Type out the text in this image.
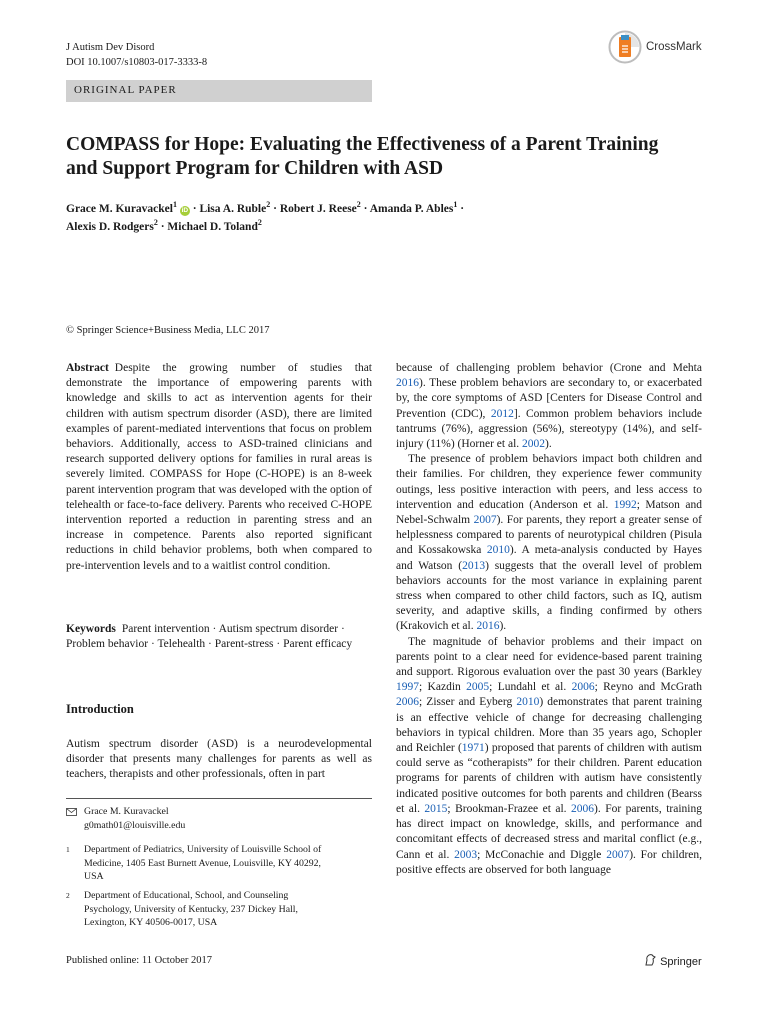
J Autism Dev Disord
DOI 10.1007/s10803-017-3333-8
CrossMark
ORIGINAL PAPER
COMPASS for Hope: Evaluating the Effectiveness of a Parent Training and Support Program for Children with ASD
Grace M. Kuravackel$^1$ iD · Lisa A. Ruble$^2$ · Robert J. Reese$^2$ · Amanda P. Ables$^1$ ·
Alexis D. Rodgers$^2$ · Michael D. Toland$^2$
© Springer Science+Business Media, LLC 2017

Abstract Despite the growing number of studies that demonstrate the importance of empowering parents with knowledge and skills to act as intervention agents for their children with autism spectrum disorder (ASD), there are limited examples of parent-mediated interventions that focus on problem behaviors. Additionally, access to ASD-trained clinicians and research supported delivery options for families in rural areas is severely limited. COMPASS for Hope (C-HOPE) is an 8-week parent intervention program that was developed with the option of telehealth or face-to-face delivery. Parents who received C-HOPE intervention reported a reduction in parenting stress and an increase in competence. Parents also reported significant reductions in child behavior problems, both when compared to pre-intervention levels and to a waitlist control condition.

Keywords Parent intervention · Autism spectrum disorder · Problem behavior · Telehealth · Parent-stress · Parent efficacy

Introduction
Autism spectrum disorder (ASD) is a neurodevelopmental disorder that presents many challenges for parents as well as teachers, therapists and other professionals, often in part
Grace M. Kuravackel
g0math01@louisville.edu
1 Department of Pediatrics, University of Louisville School of Medicine, 1405 East Burnett Avenue, Louisville, KY 40292, USA
2 Department of Educational, School, and Counseling Psychology, University of Kentucky, 237 Dickey Hall, Lexington, KY 40506-0017, USA

because of challenging problem behavior (Crone and Mehta 2016). These problem behaviors are secondary to, or exacerbated by, the core symptoms of ASD [Centers for Disease Control and Prevention (CDC), 2012]. Common problem behaviors include tantrums (76%), aggression (56%), stereotypy (14%), and self-injury (11%) (Horner et al. 2002).

The presence of problem behaviors impact both children and their families. For children, they experience fewer community outings, less positive interaction with peers, and less access to intervention and education (Anderson et al. 1992; Matson and Nebel-Schwalm 2007). For parents, they report a greater sense of helplessness compared to parents of neurotypical children (Pisula and Kossakowska 2010). A meta-analysis conducted by Hayes and Watson (2013) suggests that the overall level of problem behaviors accounts for the most variance in explaining parent stress when compared to other child factors, such as IQ, autism severity, and adaptive skills, a finding confirmed by others (Krakovich et al. 2016).

The magnitude of behavior problems and their impact on parents point to a clear need for evidence-based parent training and support. Rigorous evaluation over the past 30 years (Barkley 1997; Kazdin 2005; Lundahl et al. 2006; Reyno and McGrath 2006; Zisser and Eyberg 2010) demonstrates that parent training is an effective vehicle of change for decreasing challenging behaviors in typical children. More than 35 years ago, Schopler and Reichler (1971) proposed that parents of children with autism could serve as “cotherapists” for their children. Parent education programs for parents of children with autism have consistently indicated positive outcomes for both parents and children (Bearss et al. 2015; Brookman-Frazee et al. 2006). For parents, training has direct impact on knowledge, skills, and performance and concomitant effects of decreased stress and marital conflict (e.g., Cann et al. 2003; McConachie and Diggle 2007). For children, positive effects are observed for both language

Published online: 11 October 2017	Springer
